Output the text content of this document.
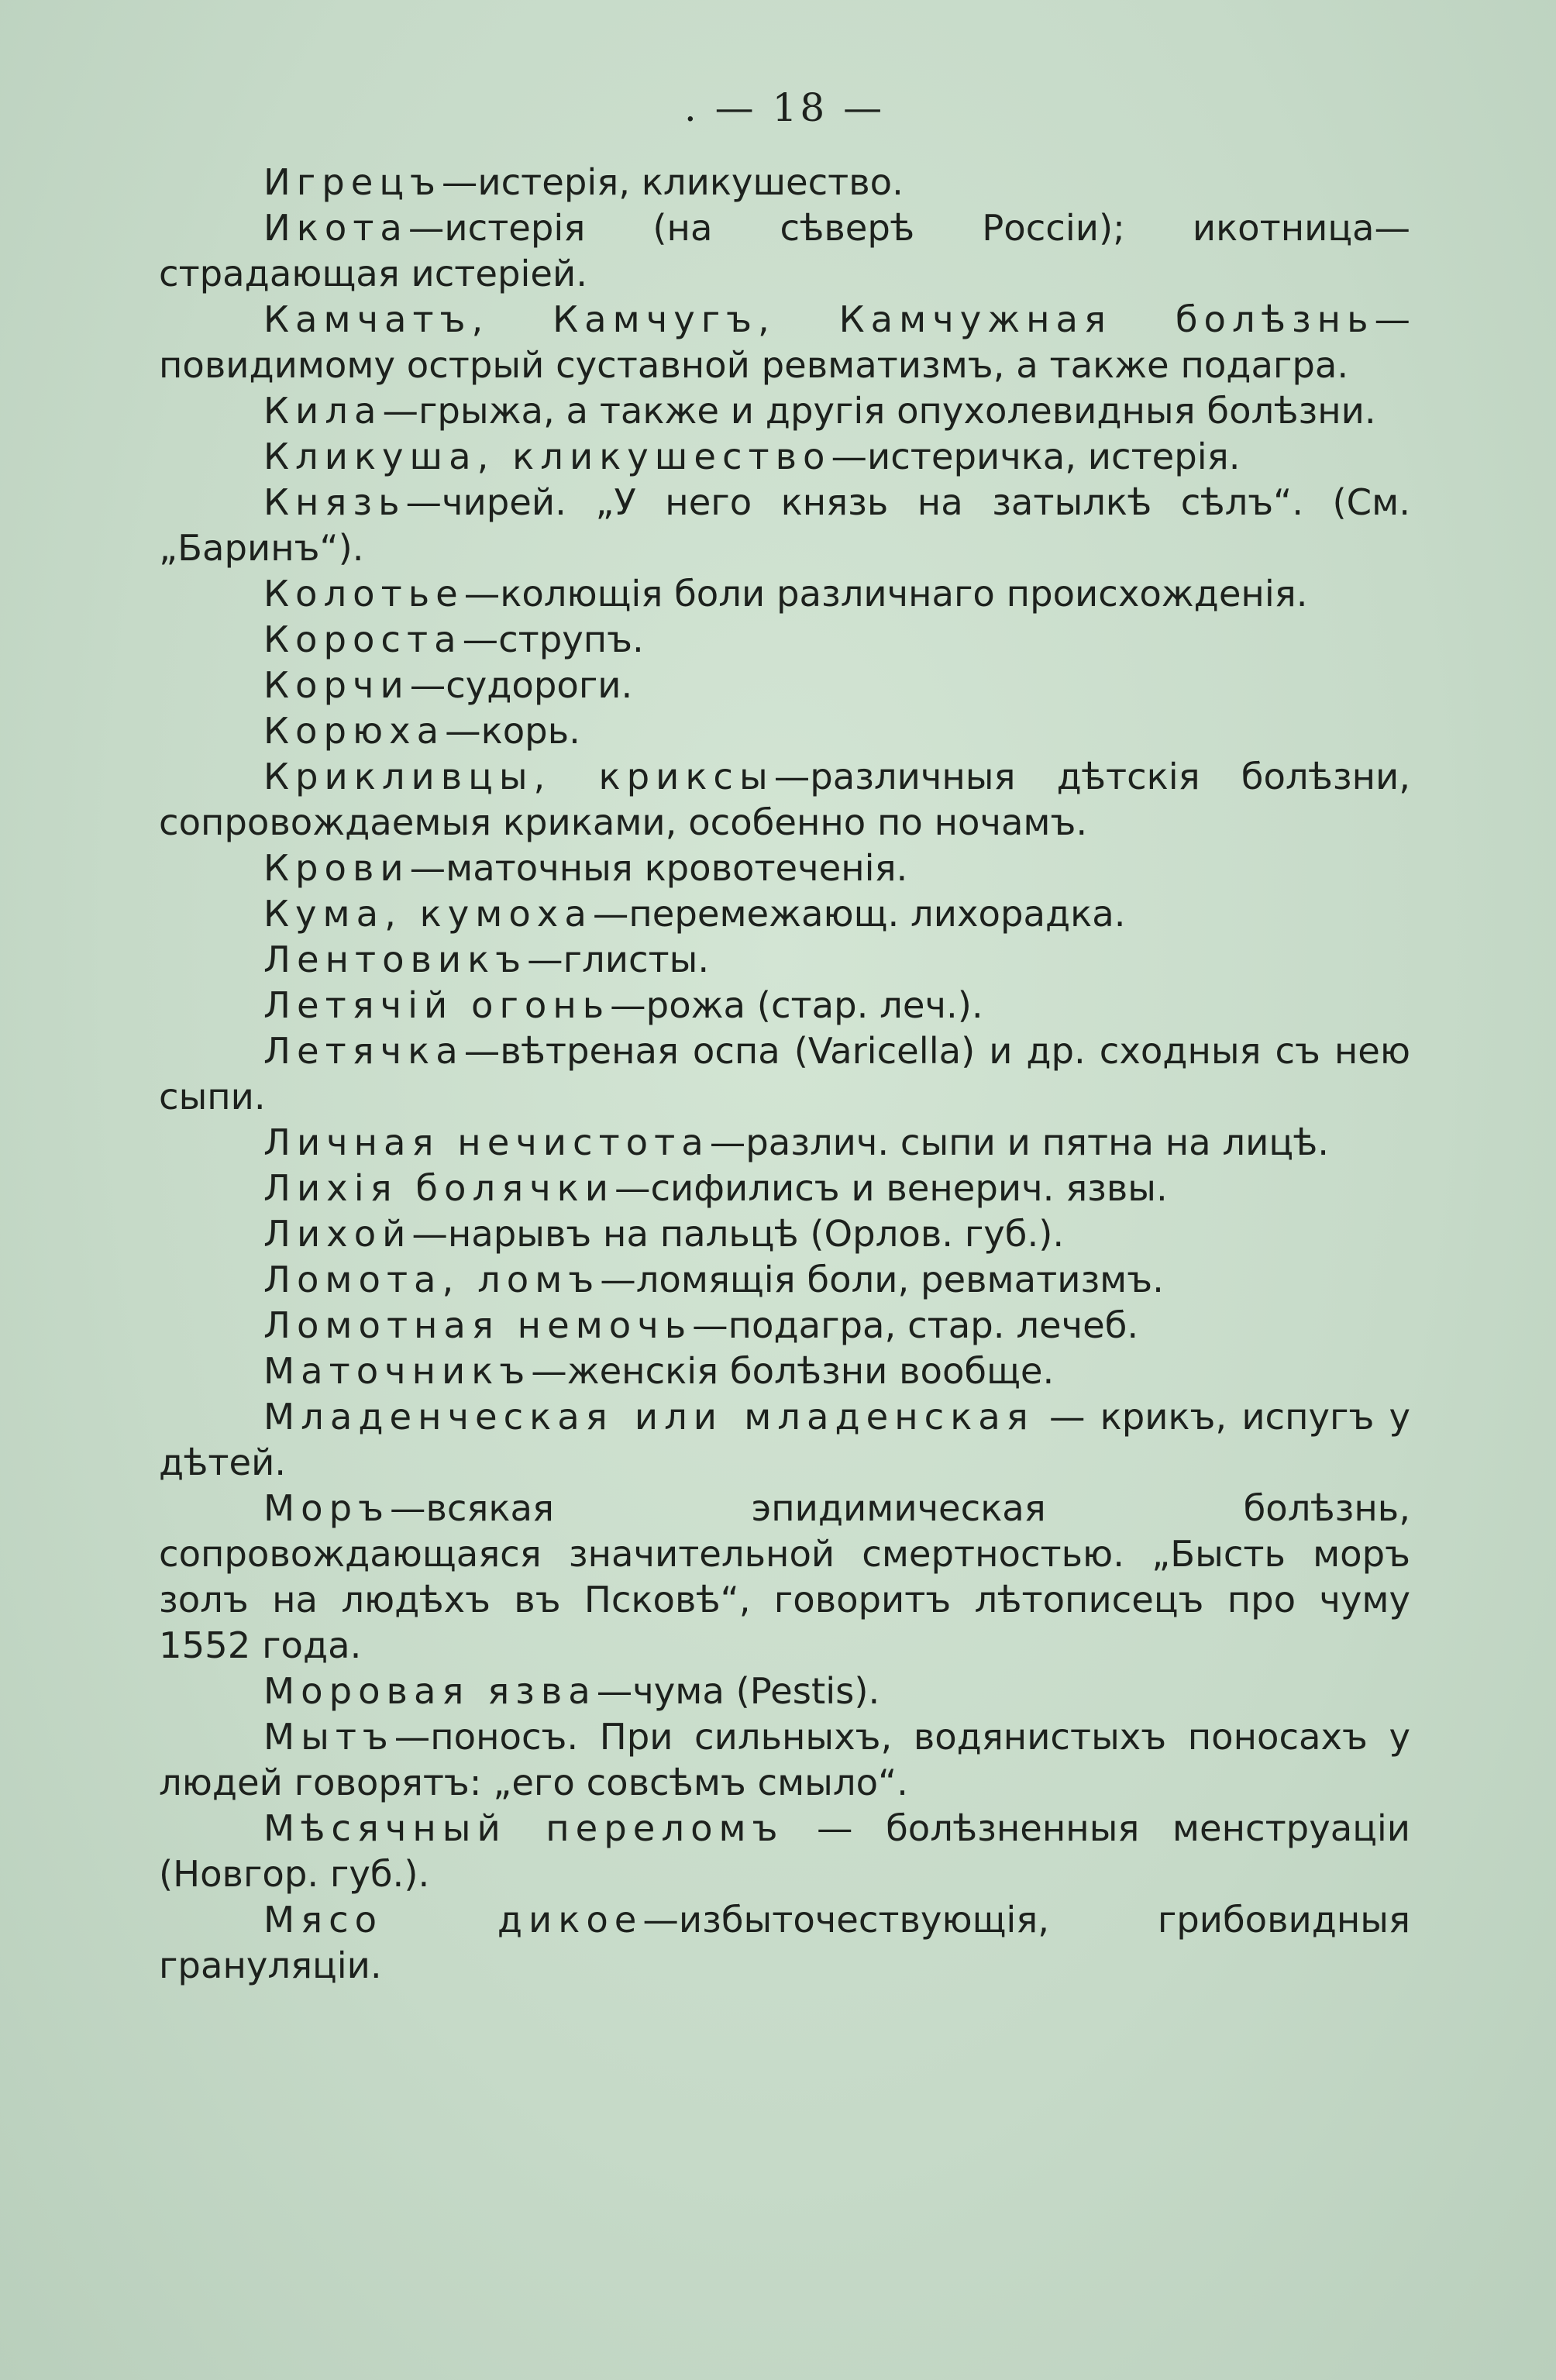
. — 18 —

Игрецъ—истерія, кликушество.

Икота—истерія (на сѣверѣ Россіи); икотница—страдающая истеріей.

Камчатъ, Камчугъ, Камчужная болѣзнь—повидимому острый суставной ревматизмъ, а также подагра.

Кила—грыжа, а также и другія опухолевидныя болѣзни.

Кликуша, кликушество—истеричка, истерія.

Князь—чирей. „У него князь на затылкѣ сѣлъ“. (См. „Баринъ“).

Колотье—колющія боли различнаго происхожденія.

Короста—струпъ.

Корчи—судороги.

Корюха—корь.

Крикливцы, криксы—различныя дѣтскія болѣзни, сопровождаемыя криками, особенно по ночамъ.

Крови—маточныя кровотеченія.

Кума, кумоха—перемежающ. лихорадка.

Лентовикъ—глисты.

Летячій огонь—рожа (стар. леч.).

Летячка—вѣтреная оспа (Varicella) и др. сходныя съ нею сыпи.

Личная нечистота—различ. сыпи и пятна на лицѣ.

Лихія болячки—сифилисъ и венерич. язвы.

Лихой—нарывъ на пальцѣ (Орлов. губ.).

Ломота, ломъ—ломящія боли, ревматизмъ.

Ломотная немочь—подагра, стар. лечеб.

Маточникъ—женскія болѣзни вообще.

Младенческая или младенская — крикъ, испугъ у дѣтей.

Моръ—всякая эпидимическая болѣзнь, сопровождающаяся значительной смертностью. „Бысть моръ золъ на людѣхъ въ Псковѣ“, говоритъ лѣтописецъ про чуму 1552 года.

Моровая язва—чума (Pestis).

Мытъ—поносъ. При сильныхъ, водянистыхъ поносахъ у людей говорятъ: „его совсѣмъ смыло“.

Мѣсячный переломъ — болѣзненныя менструаціи (Новгор. губ.).

Мясо дикое—избыточествующія, грибовидныя грануляціи.
